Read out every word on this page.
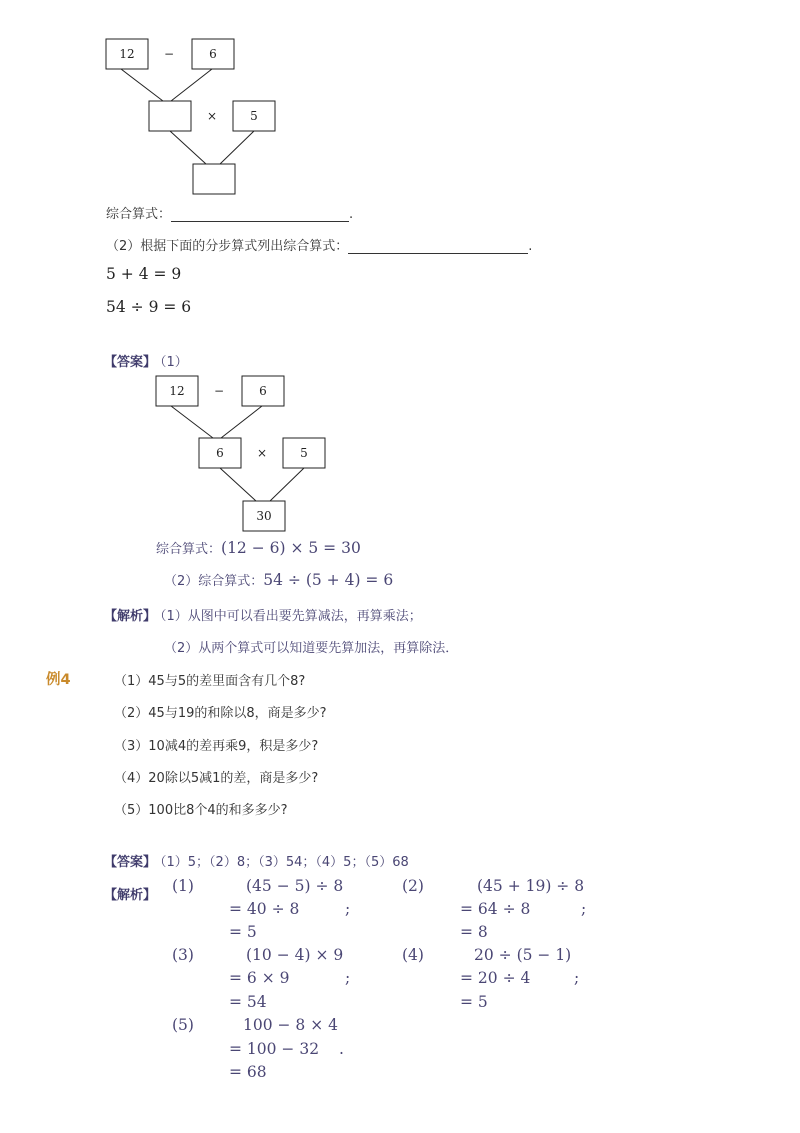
12 −	6
×	5
综合算式：	.
（2）根据下面的分步算式列出综合算式：	.
5 + 4 = 9
54 ÷ 9 = 6
【答案】 （1）
12 −	6
6	×	5
30
综合算式：(12 − 6) × 5 = 30
（2）综合算式：54 ÷ (5 + 4) = 6
【解析】 （1）从图中可以看出要先算减法，再算乘法；
（2）从两个算式可以知道要先算加法，再算除法．
例4	（1）45与5的差里面含有几个8?
（2）45与19的和除以8，商是多少?
（3）10减4的差再乘9，积是多少?
（4）20除以5减1的差，商是多少?
（5）100比8个4的和多多少?
【答案】 （1）5；（2）8；（3）54；（4）5；（5）68
【解析】
(1)	(45 − 5) ÷ 8
= 40 ÷ 8	;
= 5
(2)	(45 + 19) ÷ 8
= 64 ÷ 8	;
= 8
(3)	(10 − 4) × 9
= 6 × 9	;
= 54
(4)	20 ÷ (5 − 1)
= 20 ÷ 4	;
= 5
(5)	100 − 8 × 4
= 100 − 32 .
= 68
